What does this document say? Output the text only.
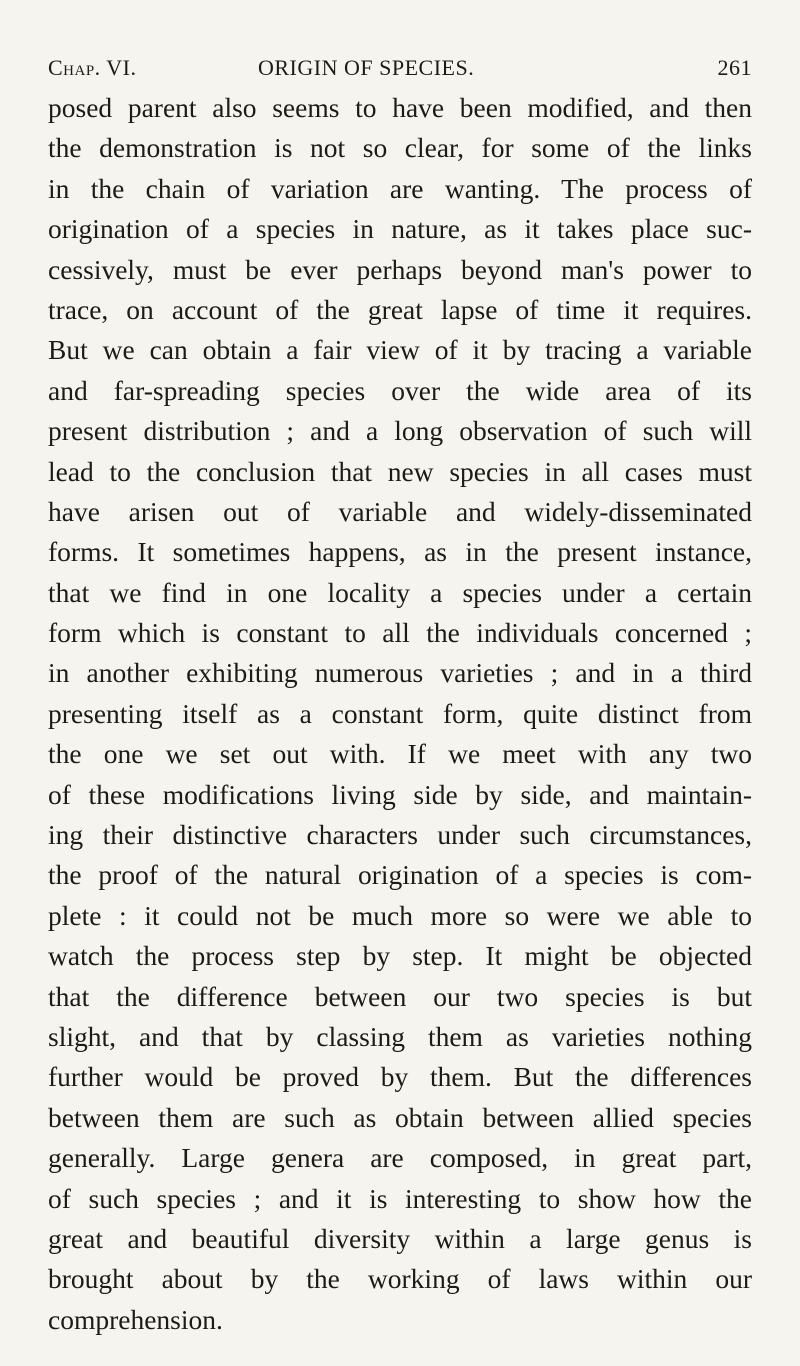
Chap. VI.	ORIGIN OF SPECIES.	261
posed parent also seems to have been modified, and then
the demonstration is not so clear, for some of the links
in the chain of variation are wanting. The process of
origination of a species in nature, as it takes place suc-
cessively, must be ever perhaps beyond man's power to
trace, on account of the great lapse of time it requires.
But we can obtain a fair view of it by tracing a variable
and far-spreading species over the wide area of its
present distribution ; and a long observation of such will
lead to the conclusion that new species in all cases must
have arisen out of variable and widely-disseminated
forms. It sometimes happens, as in the present instance,
that we find in one locality a species under a certain
form which is constant to all the individuals concerned ;
in another exhibiting numerous varieties ; and in a third
presenting itself as a constant form, quite distinct from
the one we set out with. If we meet with any two
of these modifications living side by side, and maintain-
ing their distinctive characters under such circumstances,
the proof of the natural origination of a species is com-
plete : it could not be much more so were we able to
watch the process step by step. It might be objected
that the difference between our two species is but
slight, and that by classing them as varieties nothing
further would be proved by them. But the differences
between them are such as obtain between allied species
generally. Large genera are composed, in great part,
of such species ; and it is interesting to show how the
great and beautiful diversity within a large genus is
brought about by the working of laws within our
comprehension.
